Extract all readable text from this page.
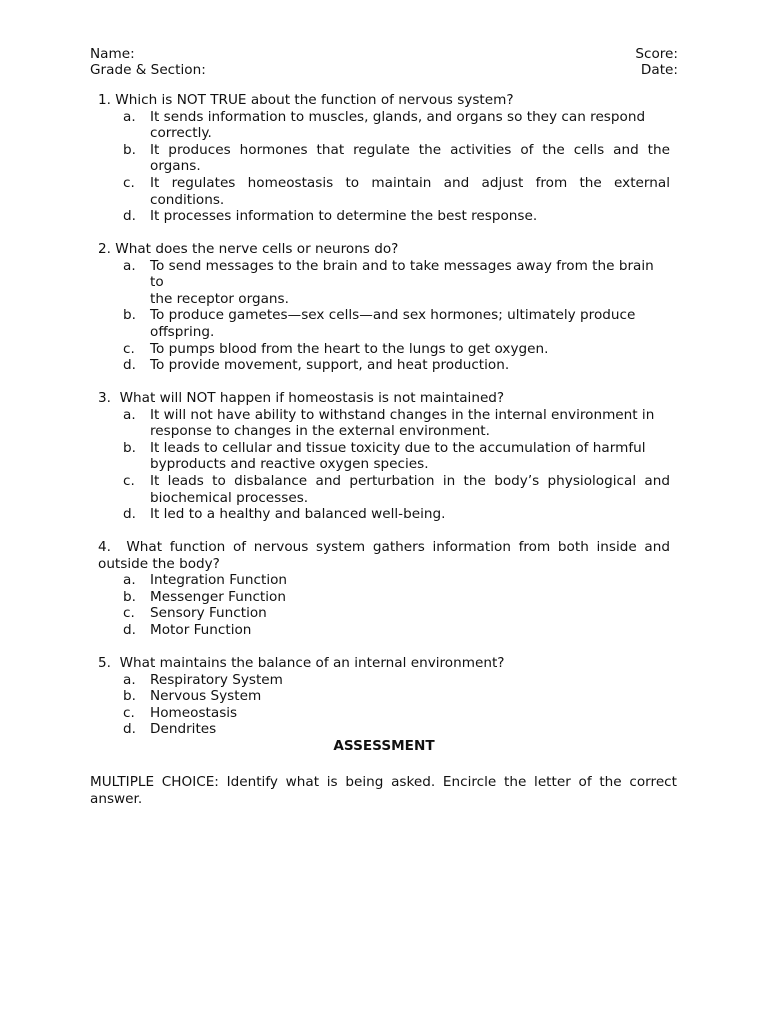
Name:	Score:
Grade & Section:	Date:
1. Which is NOT TRUE about the function of nervous system?
a. It sends information to muscles, glands, and organs so they can respond correctly.
b. It produces hormones that regulate the activities of the cells and the organs.
c. It regulates homeostasis to maintain and adjust from the external conditions.
d. It processes information to determine the best response.
2. What does the nerve cells or neurons do?
a. To send messages to the brain and to take messages away from the brain to
the receptor organs.
b. To produce gametes—sex cells—and sex hormones; ultimately produce offspring.
c. To pumps blood from the heart to the lungs to get oxygen.
d. To provide movement, support, and heat production.
3.  What will NOT happen if homeostasis is not maintained?
a. It will not have ability to withstand changes in the internal environment in response to changes in the external environment.
b. It leads to cellular and tissue toxicity due to the accumulation of harmful byproducts and reactive oxygen species.
c. It leads to disbalance and perturbation in the body’s physiological and biochemical processes.
d. It led to a healthy and balanced well-being.
4.  What function of nervous system gathers information from both inside and outside the body?
a. Integration Function
b. Messenger Function
c. Sensory Function
d. Motor Function
5.  What maintains the balance of an internal environment?
a. Respiratory System
b. Nervous System
c. Homeostasis
d. Dendrites
ASSESSMENT
MULTIPLE CHOICE: Identify what is being asked. Encircle the letter of the correct answer.
